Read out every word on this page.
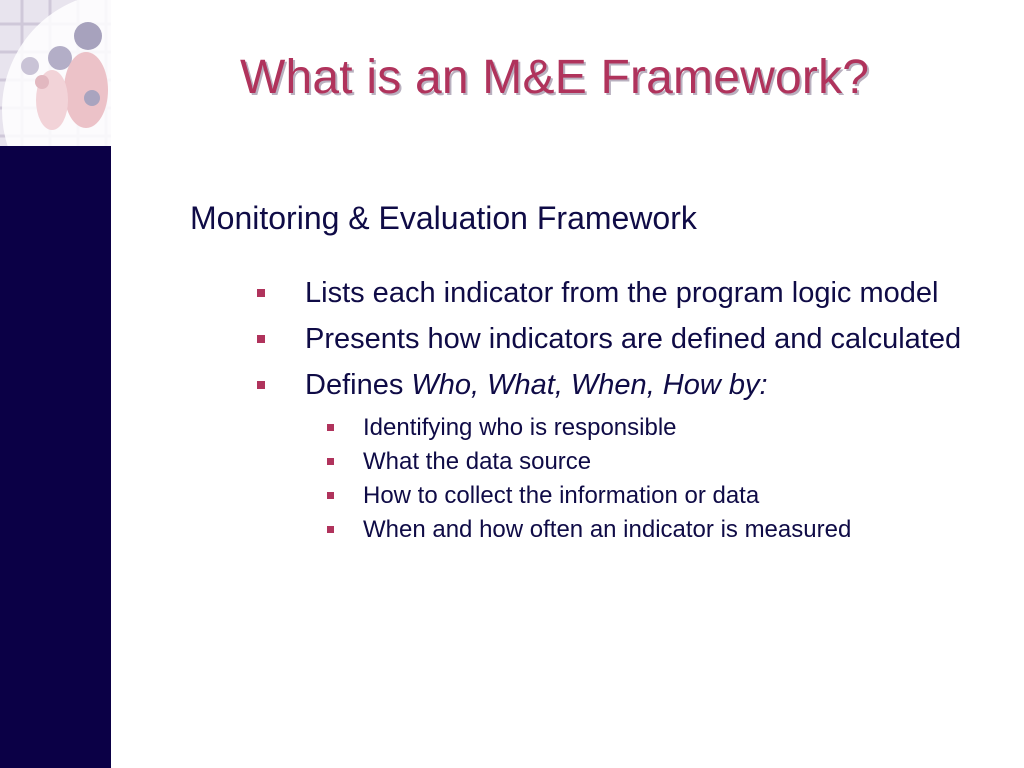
What is an M&E Framework?
Monitoring & Evaluation Framework
Lists each indicator from the program logic model
Presents how indicators are defined and calculated
Defines Who, What, When, How by:
Identifying who is responsible
What the data source
How to collect the information or data
When and how often an indicator is measured
